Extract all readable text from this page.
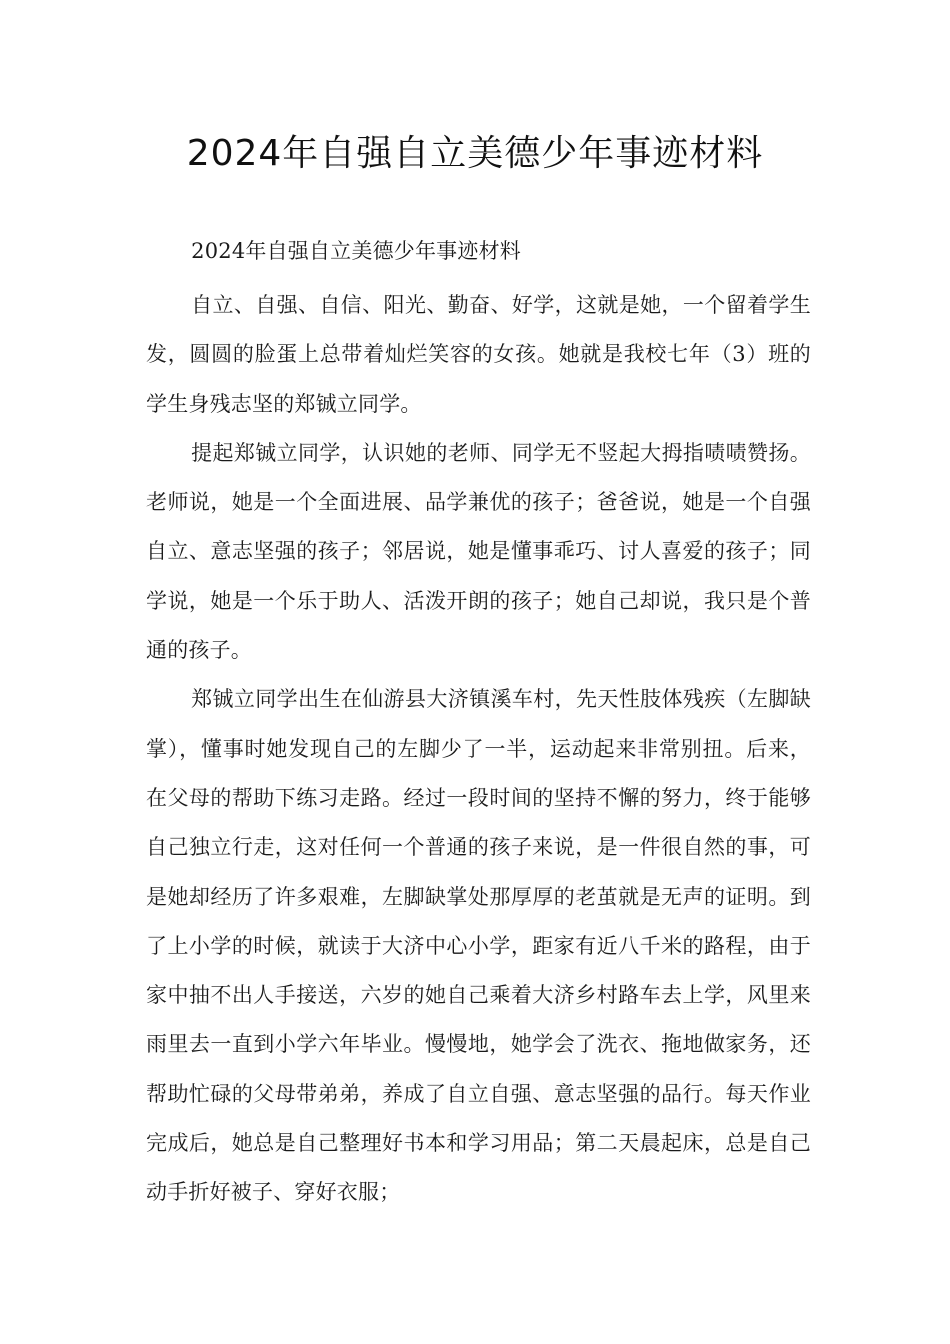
2024年自强自立美德少年事迹材料

2024年自强自立美德少年事迹材料

自立、自强、自信、阳光、勤奋、好学，这就是她，一个留着学生发，圆圆的脸蛋上总带着灿烂笑容的女孩。她就是我校七年（3）班的学生身残志坚的郑铖立同学。

提起郑铖立同学，认识她的老师、同学无不竖起大拇指啧啧赞扬。老师说，她是一个全面进展、品学兼优的孩子；爸爸说，她是一个自强自立、意志坚强的孩子；邻居说，她是懂事乖巧、讨人喜爱的孩子；同学说，她是一个乐于助人、活泼开朗的孩子；她自己却说，我只是个普通的孩子。

郑铖立同学出生在仙游县大济镇溪车村，先天性肢体残疾（左脚缺掌），懂事时她发现自己的左脚少了一半，运动起来非常别扭。后来，在父母的帮助下练习走路。经过一段时间的坚持不懈的努力，终于能够自己独立行走，这对任何一个普通的孩子来说，是一件很自然的事，可是她却经历了许多艰难，左脚缺掌处那厚厚的老茧就是无声的证明。到了上小学的时候，就读于大济中心小学，距家有近八千米的路程，由于家中抽不出人手接送，六岁的她自己乘着大济乡村路车去上学，风里来雨里去一直到小学六年毕业。慢慢地，她学会了洗衣、拖地做家务，还帮助忙碌的父母带弟弟，养成了自立自强、意志坚强的品行。每天作业完成后，她总是自己整理好书本和学习用品；第二天晨起床，总是自己动手折好被子、穿好衣服；
